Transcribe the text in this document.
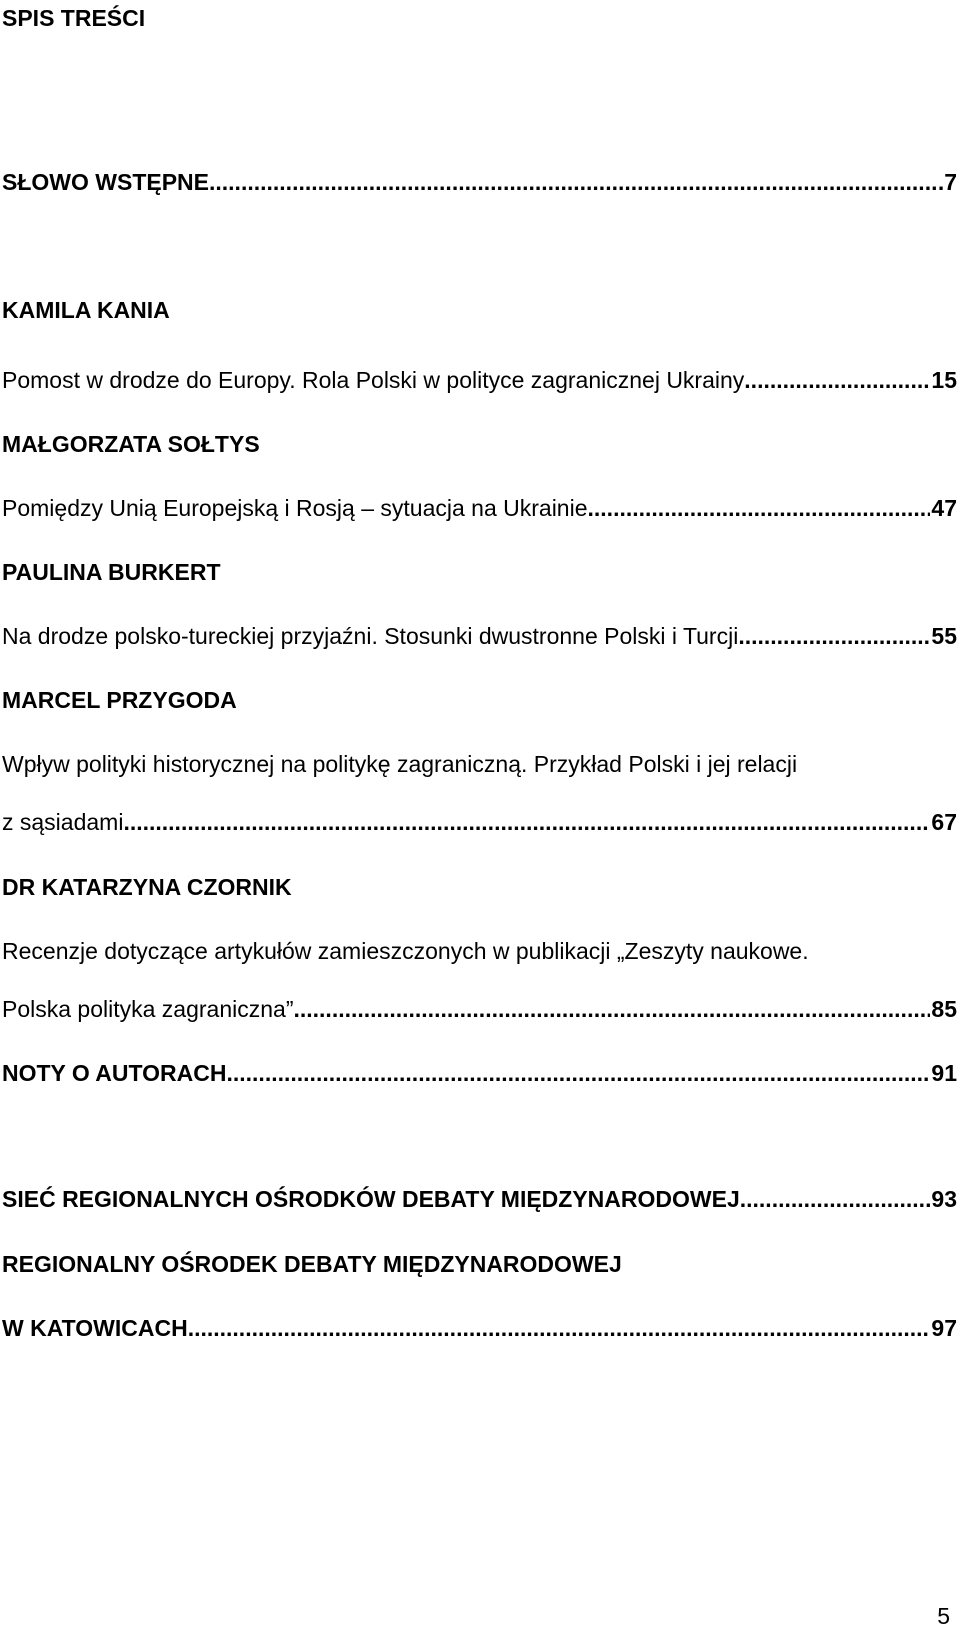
SPIS TREŚCI
SŁOWO WSTĘPNE .....	.7
KAMILA KANIA
Pomost w drodze do Europy. Rola Polski w polityce zagranicznej Ukrainy .....	15
MAŁGORZATA SOŁTYS
Pomiędzy Unią Europejską i Rosją – sytuacja na Ukrainie .....	47
PAULINA BURKERT
Na drodze polsko-tureckiej przyjaźni. Stosunki dwustronne Polski i Turcji .....	55
MARCEL PRZYGODA
Wpływ polityki historycznej na politykę zagraniczną. Przykład Polski i jej relacji
z sąsiadami .....	67
DR KATARZYNA CZORNIK
Recenzje dotyczące artykułów zamieszczonych w publikacji „Zeszyty naukowe.
Polska polityka zagraniczna” .....	85
NOTY O AUTORACH .....	91
SIEĆ REGIONALNYCH OŚRODKÓW DEBATY MIĘDZYNARODOWEJ .....	93
REGIONALNY OŚRODEK DEBATY MIĘDZYNARODOWEJ
W KATOWICACH .....	97
5
